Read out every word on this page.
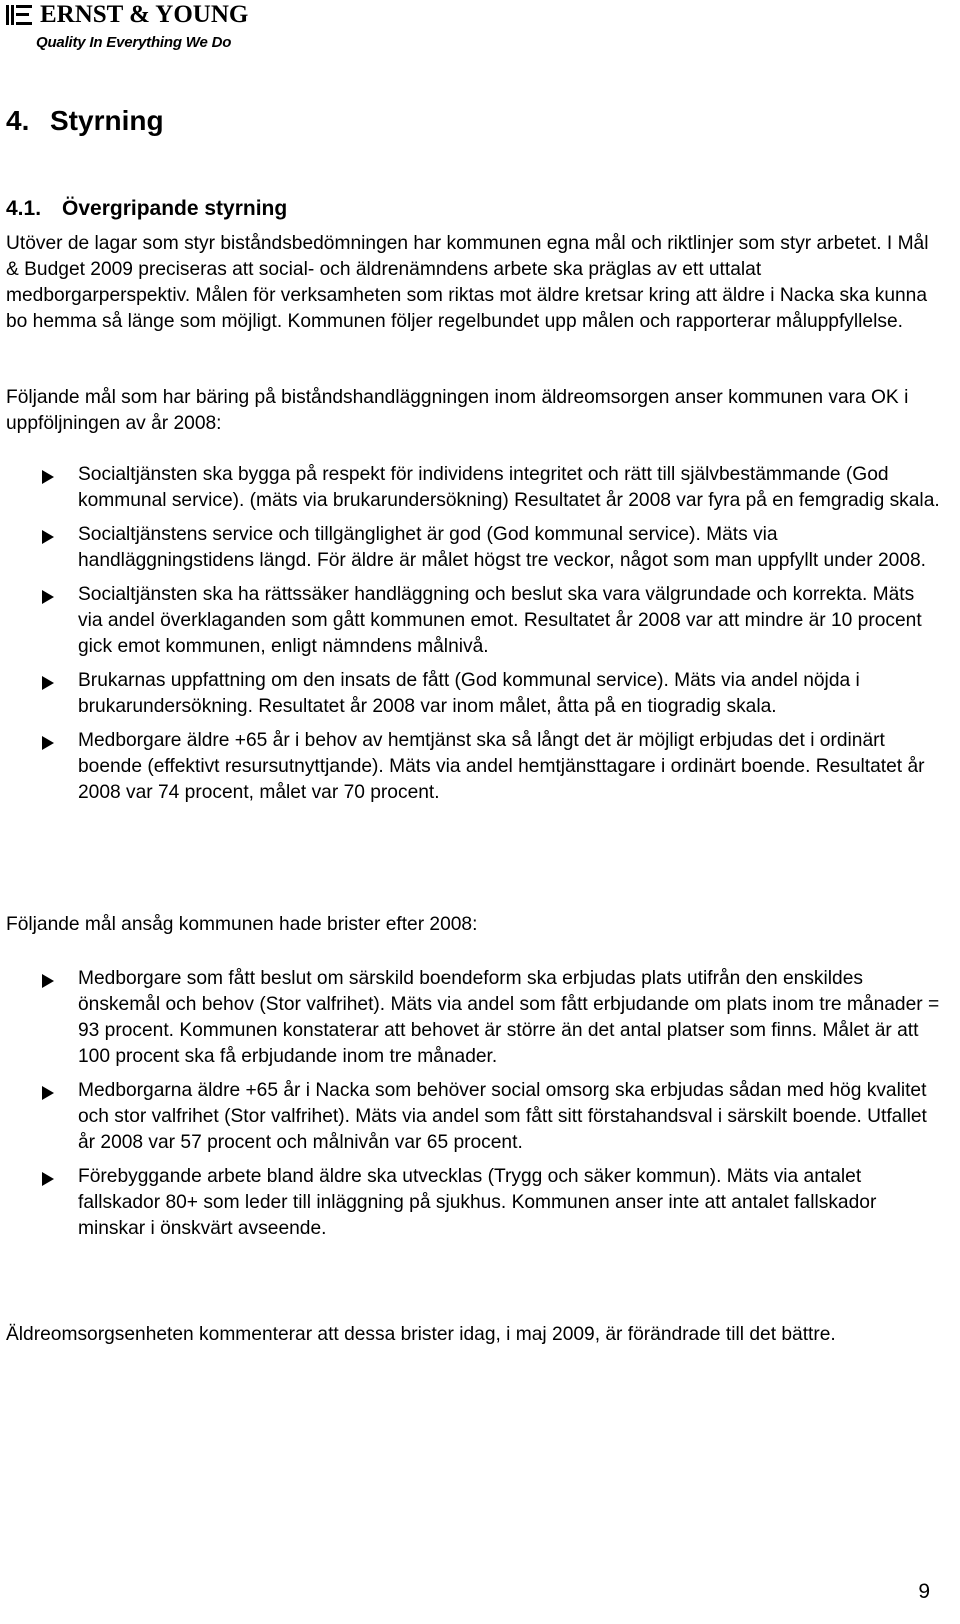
ERNST & YOUNG
Quality In Everything We Do
4. Styrning
4.1. Övergripande styrning

Utöver de lagar som styr biståndsbedömningen har kommunen egna mål och riktlinjer som styr arbetet. I Mål & Budget 2009 preciseras att social- och äldrenämndens arbete ska präglas av ett uttalat medborgarperspektiv. Målen för verksamheten som riktas mot äldre kretsar kring att äldre i Nacka ska kunna bo hemma så länge som möjligt. Kommunen följer regelbundet upp målen och rapporterar måluppfyllelse.

Följande mål som har bäring på biståndshandläggningen inom äldreomsorgen anser kommunen vara OK i uppföljningen av år 2008:

Socialtjänsten ska bygga på respekt för individens integritet och rätt till självbestämmande (God kommunal service). (mäts via brukarundersökning) Resultatet år 2008 var fyra på en femgradig skala.
Socialtjänstens service och tillgänglighet är god (God kommunal service). Mäts via handläggningstidens längd. För äldre är målet högst tre veckor, något som man uppfyllt under 2008.
Socialtjänsten ska ha rättssäker handläggning och beslut ska vara välgrundade och korrekta. Mäts via andel överklaganden som gått kommunen emot. Resultatet år 2008 var att mindre är 10 procent gick emot kommunen, enligt nämndens målnivå.
Brukarnas uppfattning om den insats de fått (God kommunal service). Mäts via andel nöjda i brukarundersökning. Resultatet år 2008 var inom målet, åtta på en tiogradig skala.
Medborgare äldre +65 år i behov av hemtjänst ska så långt det är möjligt erbjudas det i ordinärt boende (effektivt resursutnyttjande). Mäts via andel hemtjänsttagare i ordinärt boende. Resultatet år 2008 var 74 procent, målet var 70 procent.

Följande mål ansåg kommunen hade brister efter 2008:

Medborgare som fått beslut om särskild boendeform ska erbjudas plats utifrån den enskildes önskemål och behov (Stor valfrihet). Mäts via andel som fått erbjudande om plats inom tre månader = 93 procent. Kommunen konstaterar att behovet är större än det antal platser som finns. Målet är att 100 procent ska få erbjudande inom tre månader.
Medborgarna äldre +65 år i Nacka som behöver social omsorg ska erbjudas sådan med hög kvalitet och stor valfrihet (Stor valfrihet). Mäts via andel som fått sitt förstahandsval i särskilt boende. Utfallet år 2008 var 57 procent och målnivån var 65 procent.
Förebyggande arbete bland äldre ska utvecklas (Trygg och säker kommun). Mäts via antalet fallskador 80+ som leder till inläggning på sjukhus. Kommunen anser inte att antalet fallskador minskar i önskvärt avseende.

Äldreomsorgsenheten kommenterar att dessa brister idag, i maj 2009, är förändrade till det bättre.

9
